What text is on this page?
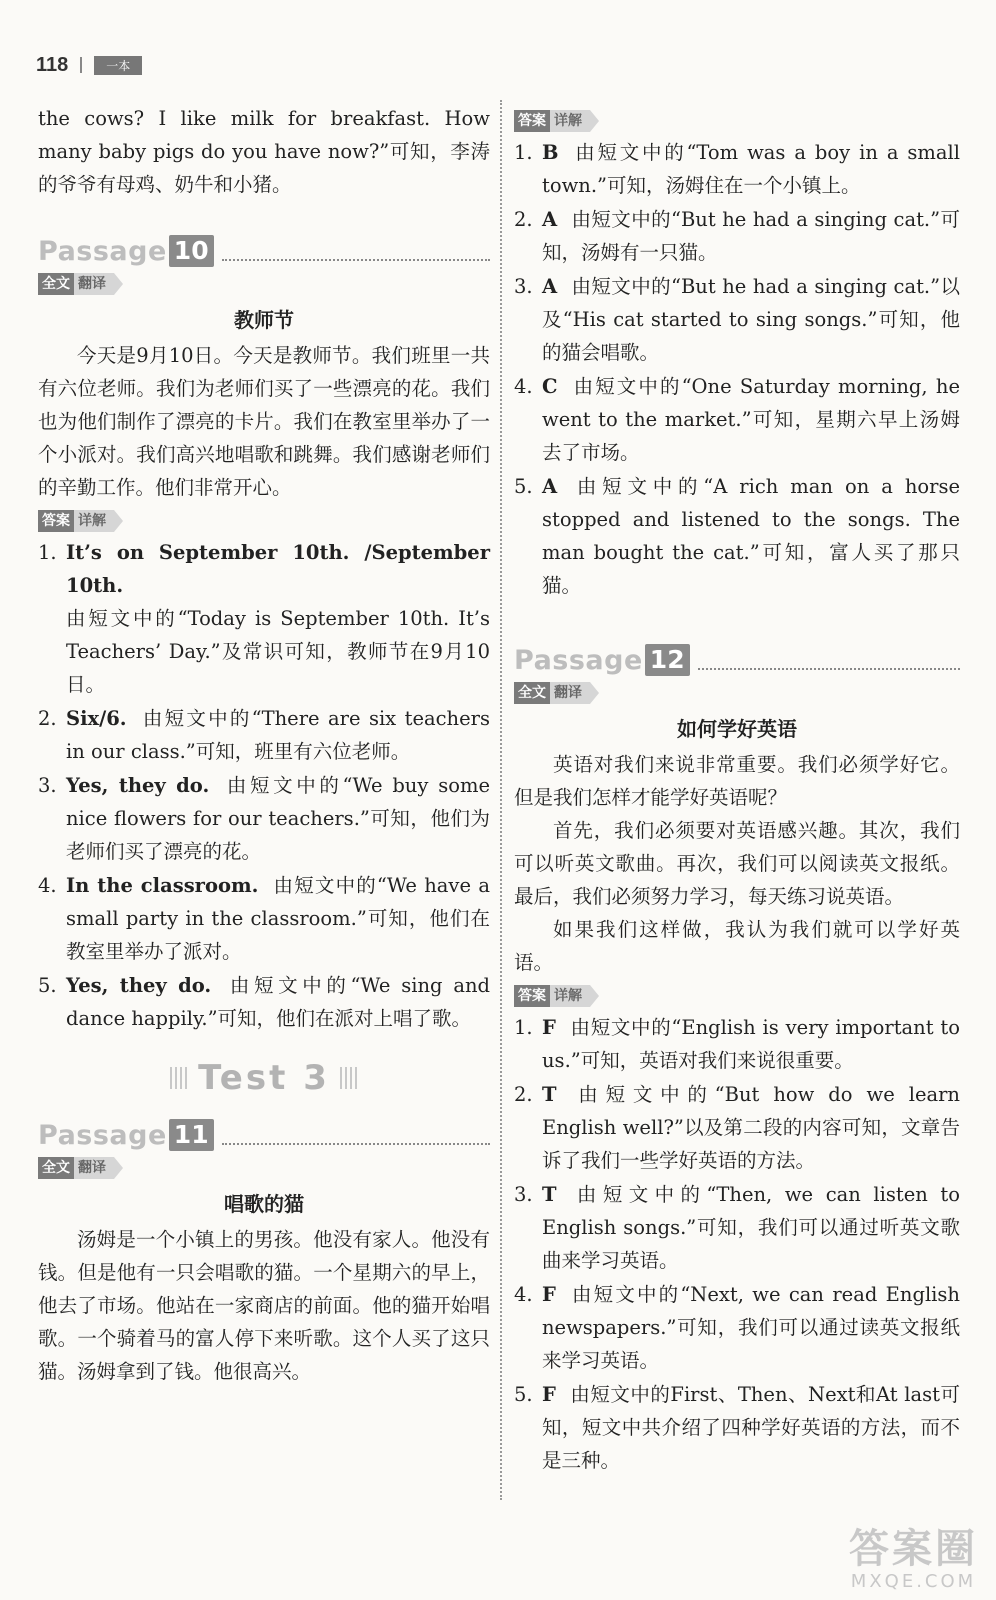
118	一本

the cows? I like milk for breakfast. How many baby pigs do you have now?”可知，李涛的爷爷有母鸡、奶牛和小猪。

Passage 10
全文 翻译
教师节

今天是9月10日。今天是教师节。我们班里一共有六位老师。我们为老师们买了一些漂亮的花。我们也为他们制作了漂亮的卡片。我们在教室里举办了一个小派对。我们高兴地唱歌和跳舞。我们感谢老师们的辛勤工作。他们非常开心。

答案 详解
1. It’s on September 10th. /September 10th.
由短文中的“Today is September 10th. It’s Teachers’ Day.”及常识可知，教师节在9月10日。
2. Six/6. 由短文中的“There are six teachers in our class.”可知，班里有六位老师。
3. Yes, they do. 由短文中的“We buy some nice flowers for our teachers.”可知，他们为老师们买了漂亮的花。
4. In the classroom. 由短文中的“We have a small party in the classroom.”可知，他们在教室里举办了派对。
5. Yes, they do. 由短文中的“We sing and dance happily.”可知，他们在派对上唱了歌。
Test 3
Passage 11
全文 翻译
唱歌的猫

汤姆是一个小镇上的男孩。他没有家人。他没有钱。但是他有一只会唱歌的猫。一个星期六的早上，他去了市场。他站在一家商店的前面。他的猫开始唱歌。一个骑着马的富人停下来听歌。这个人买了这只猫。汤姆拿到了钱。他很高兴。

答案 详解
1. B 由短文中的“Tom was a boy in a small town.”可知，汤姆住在一个小镇上。
2. A 由短文中的“But he had a singing cat.”可知，汤姆有一只猫。
3. A 由短文中的“But he had a singing cat.”以及“His cat started to sing songs.”可知，他的猫会唱歌。
4. C 由短文中的“One Saturday morning, he went to the market.”可知，星期六早上汤姆去了市场。
5. A 由短文中的“A rich man on a horse stopped and listened to the songs. The man bought the cat.”可知，富人买了那只猫。
Passage 12
全文 翻译
如何学好英语

英语对我们来说非常重要。我们必须学好它。但是我们怎样才能学好英语呢？

首先，我们必须要对英语感兴趣。其次，我们可以听英文歌曲。再次，我们可以阅读英文报纸。最后，我们必须努力学习，每天练习说英语。

如果我们这样做，我认为我们就可以学好英语。

答案 详解
1. F 由短文中的“English is very important to us.”可知，英语对我们来说很重要。
2. T 由短文中的“But how do we learn English well?”以及第二段的内容可知，文章告诉了我们一些学好英语的方法。
3. T 由短文中的“Then, we can listen to English songs.”可知，我们可以通过听英文歌曲来学习英语。
4. F 由短文中的“Next, we can read English newspapers.”可知，我们可以通过读英文报纸来学习英语。
5. F 由短文中的First、Then、Next和At last可知，短文中共介绍了四种学好英语的方法，而不是三种。
答案圈
MXQE.COM
